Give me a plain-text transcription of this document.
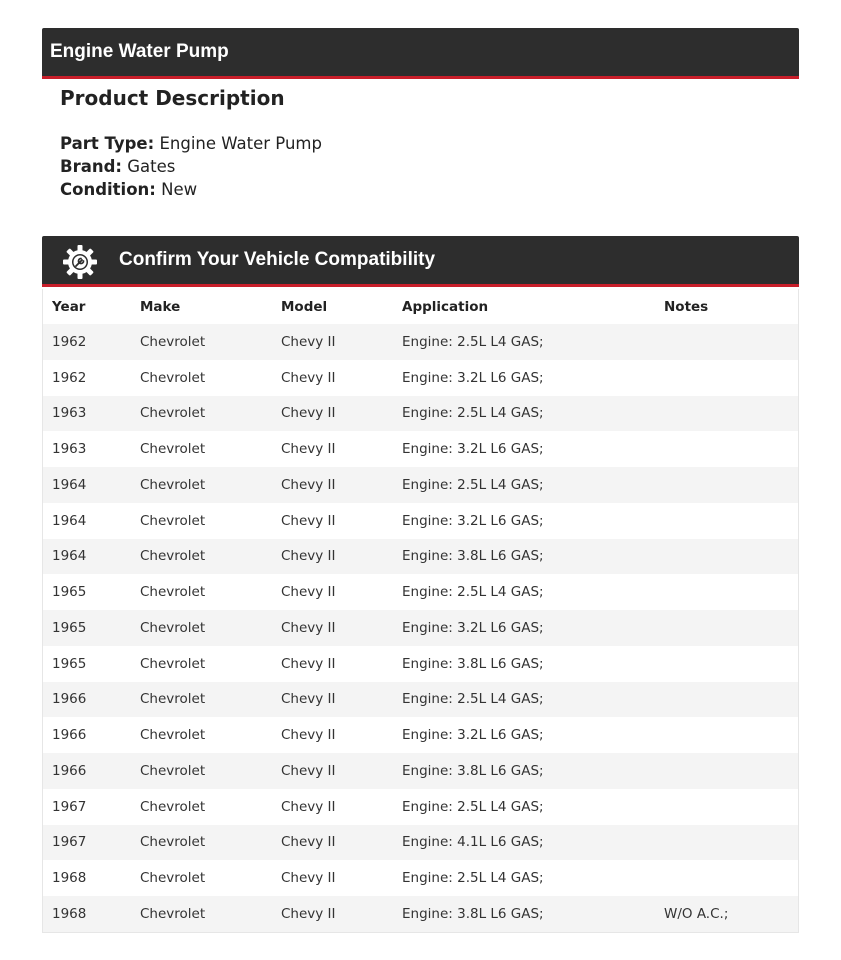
Engine Water Pump
Product Description
Part Type: Engine Water Pump
Brand: Gates
Condition: New
Confirm Your Vehicle Compatibility
Year	Make	Model	Application	Notes
1962	Chevrolet	Chevy II	Engine: 2.5L L4 GAS;	
1962	Chevrolet	Chevy II	Engine: 3.2L L6 GAS;	
1963	Chevrolet	Chevy II	Engine: 2.5L L4 GAS;	
1963	Chevrolet	Chevy II	Engine: 3.2L L6 GAS;	
1964	Chevrolet	Chevy II	Engine: 2.5L L4 GAS;	
1964	Chevrolet	Chevy II	Engine: 3.2L L6 GAS;	
1964	Chevrolet	Chevy II	Engine: 3.8L L6 GAS;	
1965	Chevrolet	Chevy II	Engine: 2.5L L4 GAS;	
1965	Chevrolet	Chevy II	Engine: 3.2L L6 GAS;	
1965	Chevrolet	Chevy II	Engine: 3.8L L6 GAS;	
1966	Chevrolet	Chevy II	Engine: 2.5L L4 GAS;	
1966	Chevrolet	Chevy II	Engine: 3.2L L6 GAS;	
1966	Chevrolet	Chevy II	Engine: 3.8L L6 GAS;	
1967	Chevrolet	Chevy II	Engine: 2.5L L4 GAS;	
1967	Chevrolet	Chevy II	Engine: 4.1L L6 GAS;	
1968	Chevrolet	Chevy II	Engine: 2.5L L4 GAS;	
1968	Chevrolet	Chevy II	Engine: 3.8L L6 GAS;	W/O A.C.;
